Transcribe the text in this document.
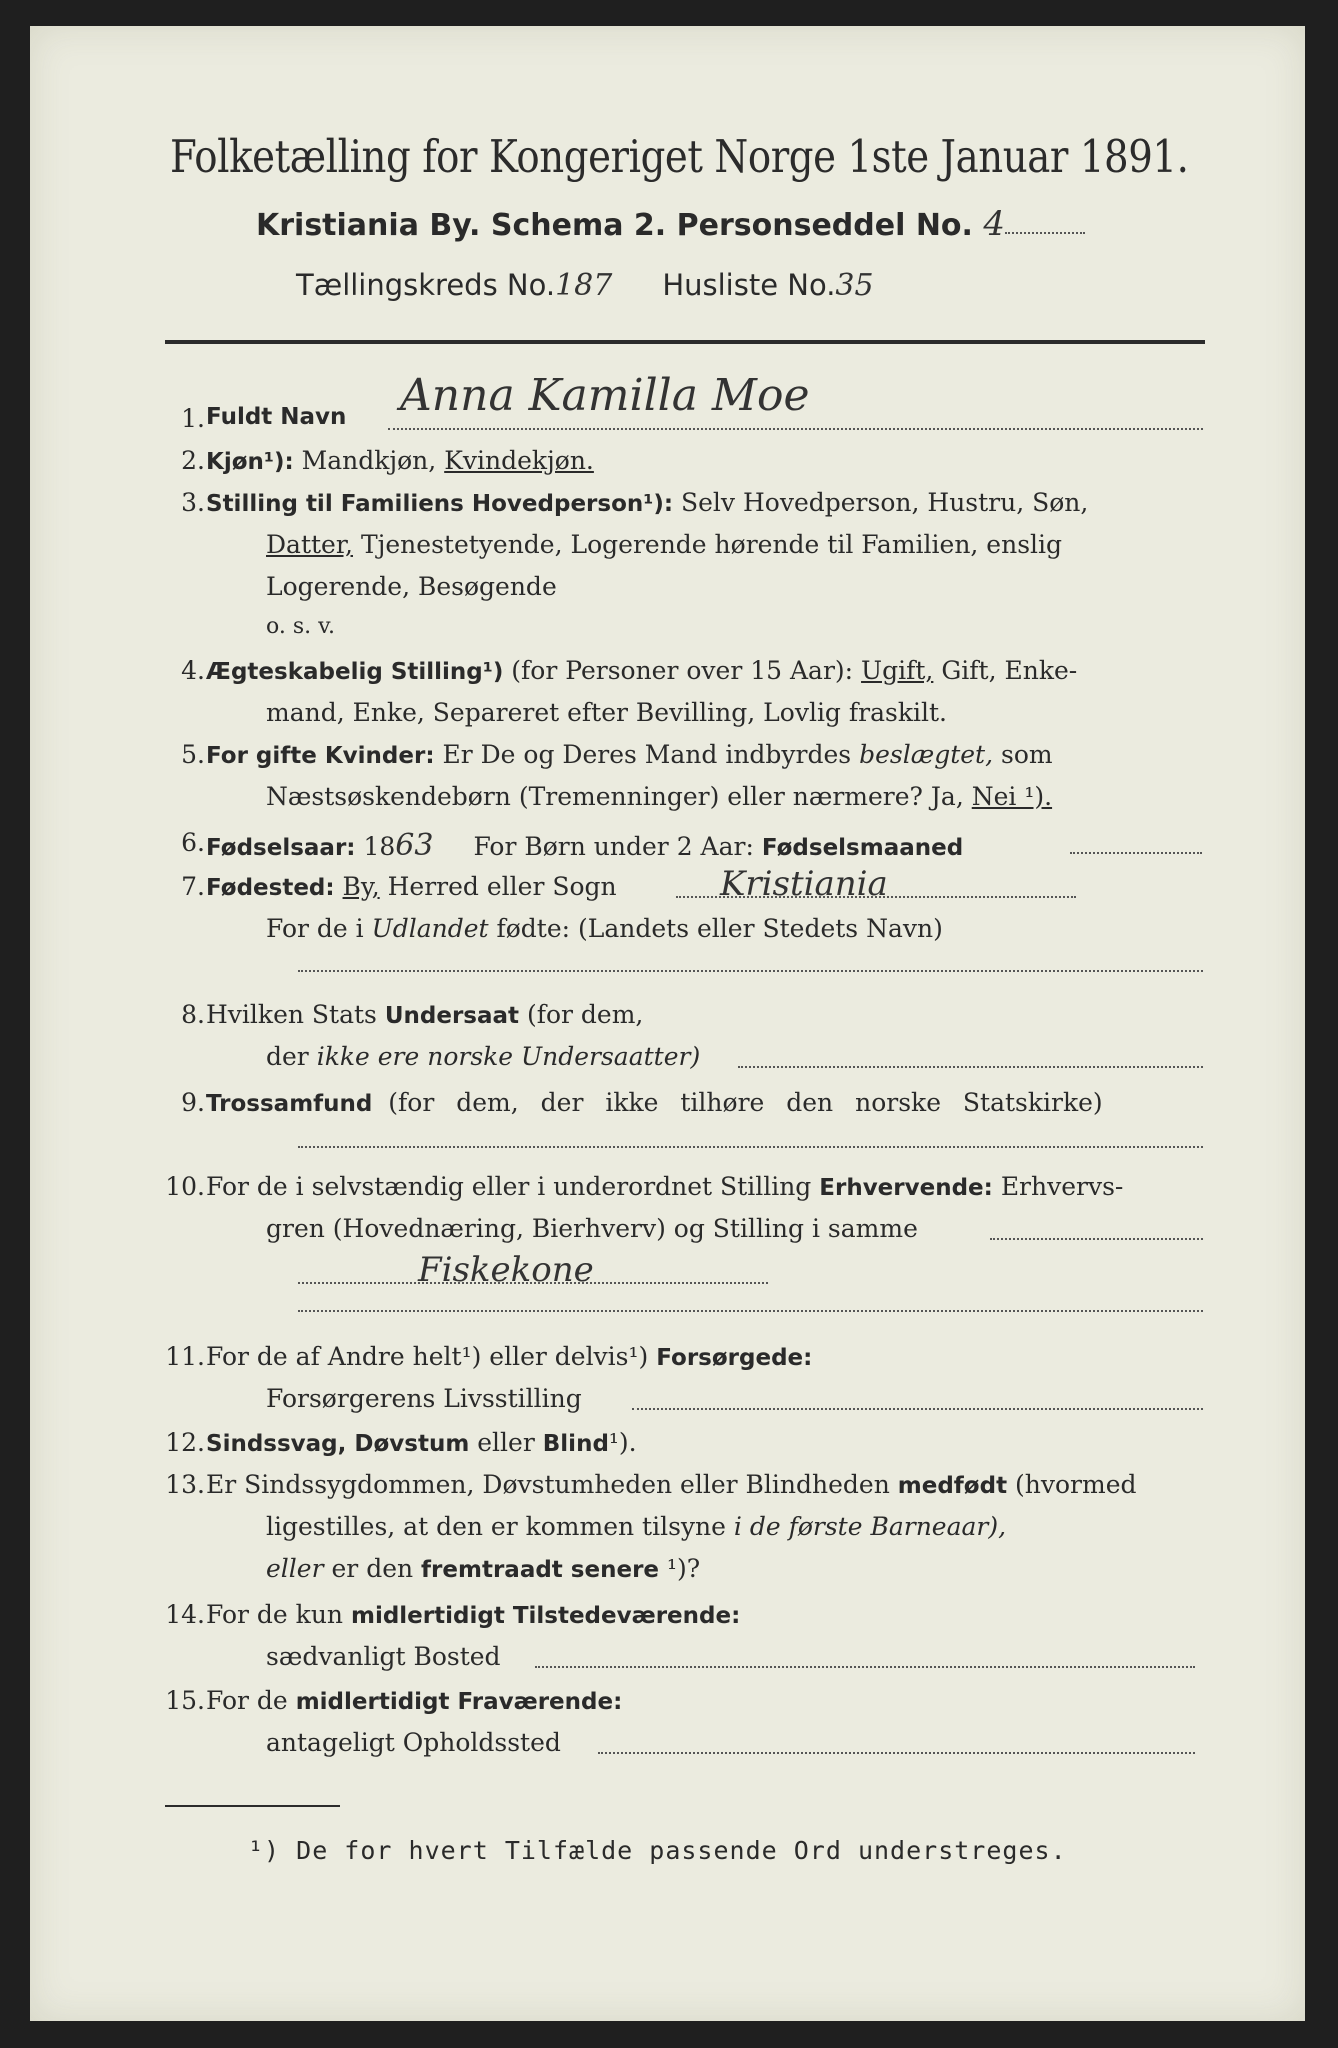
Folketælling for Kongeriget Norge 1ste Januar 1891.
Kristiania By. Schema 2. Personseddel No. 4
Tællingskreds No.187 Husliste No.35
1. Fuldt Navn Anna Kamilla Moe
2. Kjøn¹): Mandkjøn, Kvindekjøn.
3. Stilling til Familiens Hovedperson¹): Selv Hovedperson, Hustru, Søn,
Datter, Tjenestetyende, Logerende hørende til Familien, enslig
Logerende, Besøgende
o. s. v.
4. Ægteskabelig Stilling¹) (for Personer over 15 Aar): Ugift, Gift, Enke-
mand, Enke, Separeret efter Bevilling, Lovlig fraskilt.
5. For gifte Kvinder: Er De og Deres Mand indbyrdes beslægtet, som
Næstsøskendebørn (Tremenninger) eller nærmere? Ja, Nei ¹).
6. Fødselsaar: 1863 For Børn under 2 Aar: Fødselsmaaned
7. Fødested: By, Herred eller Sogn	Kristiania
For de i Udlandet fødte: (Landets eller Stedets Navn)
8. Hvilken Stats Undersaat (for dem,
der ikke ere norske Undersaatter)
9. Trossamfund (for dem, der ikke tilhøre den norske Statskirke)
10. For de i selvstændig eller i underordnet Stilling Erhvervende: Erhvervs-
gren (Hovednæring, Bierhverv) og Stilling i samme
Fiskekone
11. For de af Andre helt¹) eller delvis¹) Forsørgede:
Forsørgerens Livsstilling
12. Sindssvag, Døvstum eller Blind¹).
13. Er Sindssygdommen, Døvstumheden eller Blindheden medfødt (hvormed
ligestilles, at den er kommen tilsyne i de første Barneaar),
eller er den fremtraadt senere ¹)?
14. For de kun midlertidigt Tilstedeværende:
sædvanligt Bosted
15. For de midlertidigt Fraværende:
antageligt Opholdssted
¹) De for hvert Tilfælde passende Ord understreges.
